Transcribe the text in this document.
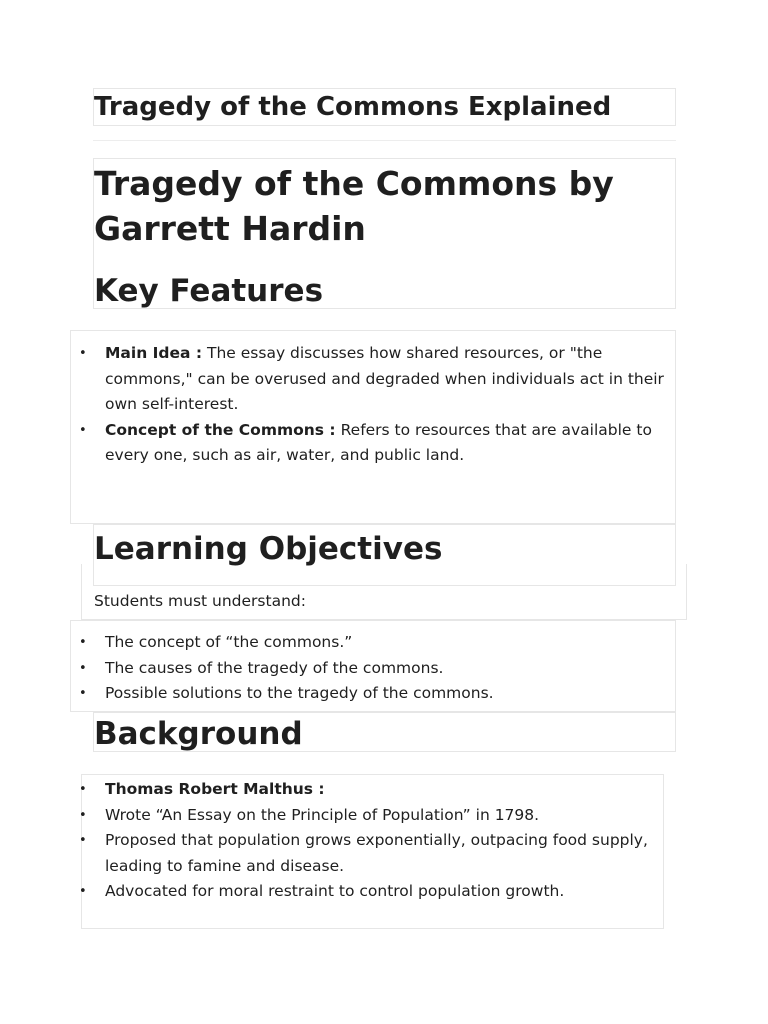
Tragedy of the Commons Explained
Tragedy of the Commons by Garrett Hardin
Key Features
• Main Idea : The essay discusses how shared resources, or "the commons," can be overused and degraded when individuals act in their own self-interest.
• Concept of the Commons : Refers to resources that are available to every one, such as air, water, and public land.
Learning Objectives

Students must understand:

• The concept of “the commons.”
• The causes of the tragedy of the commons.
• Possible solutions to the tragedy of the commons.
Background
• Thomas Robert Malthus :
• Wrote “An Essay on the Principle of Population” in 1798.
• Proposed that population grows exponentially, outpacing food supply, leading to famine and disease.
• Advocated for moral restraint to control population growth.
